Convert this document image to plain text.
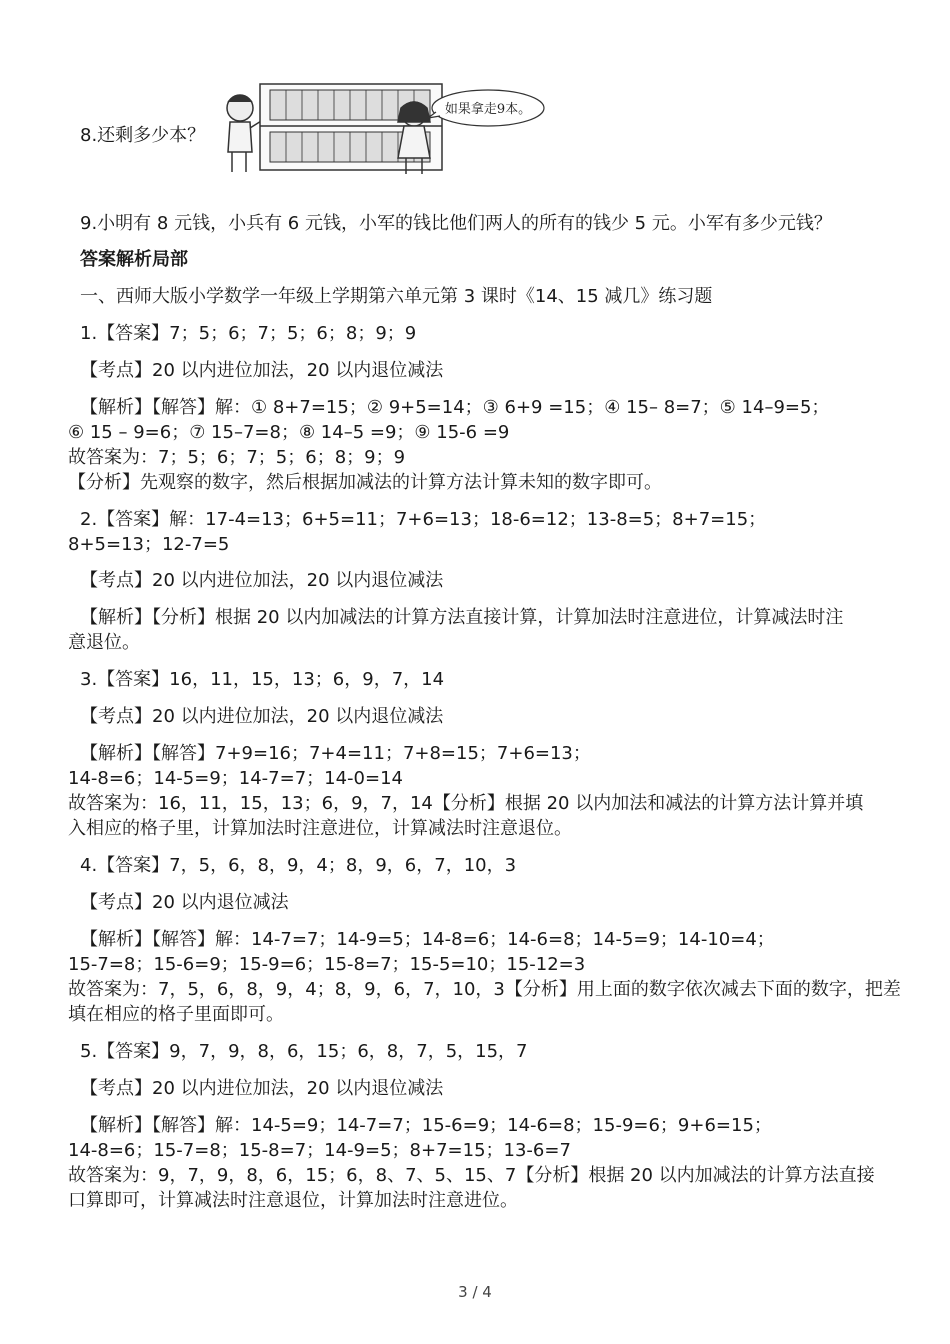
8.还剩多少本？
如果拿走9本。
9.小明有 8 元钱，小兵有 6 元钱，小军的钱比他们两人的所有的钱少 5 元。小军有多少元钱？
答案解析局部
一、西师大版小学数学一年级上学期第六单元第 3 课时《14、15 减几》练习题
1.【答案】7；5；6；7；5；6；8；9；9
【考点】20 以内进位加法，20 以内退位减法
【解析】【解答】解：① 8+7=15；② 9+5=14；③ 6+9 =15；④ 15– 8=7；⑤ 14–9=5；
⑥ 15 – 9=6；⑦ 15–7=8；⑧ 14–5 =9；⑨ 15-6 =9
故答案为：7；5；6；7；5；6；8；9；9
【分析】先观察的数字，然后根据加减法的计算方法计算未知的数字即可。
2.【答案】解：17-4=13；6+5=11；7+6=13；18-6=12；13-8=5；8+7=15；
8+5=13；12-7=5
【考点】20 以内进位加法，20 以内退位减法
【解析】【分析】根据 20 以内加减法的计算方法直接计算，计算加法时注意进位，计算减法时注
意退位。
3.【答案】16，11，15，13；6，9，7，14
【考点】20 以内进位加法，20 以内退位减法
【解析】【解答】7+9=16；7+4=11；7+8=15；7+6=13；
14-8=6；14-5=9；14-7=7；14-0=14
故答案为：16，11，15，13；6，9，7，14【分析】根据 20 以内加法和减法的计算方法计算并填
入相应的格子里，计算加法时注意进位，计算减法时注意退位。
4.【答案】7，5，6，8，9，4；8，9，6，7，10，3
【考点】20 以内退位减法
【解析】【解答】解：14-7=7；14-9=5；14-8=6；14-6=8；14-5=9；14-10=4；
15-7=8；15-6=9；15-9=6；15-8=7；15-5=10；15-12=3
故答案为：7，5，6，8，9，4；8，9，6，7，10，3【分析】用上面的数字依次减去下面的数字，把差
填在相应的格子里面即可。
5.【答案】9，7，9，8，6，15；6，8，7，5，15，7
【考点】20 以内进位加法，20 以内退位减法
【解析】【解答】解：14-5=9；14-7=7；15-6=9；14-6=8；15-9=6；9+6=15；
14-8=6；15-7=8；15-8=7；14-9=5；8+7=15；13-6=7
故答案为：9，7，9，8，6，15；6，8、7、5、15、7【分析】根据 20 以内加减法的计算方法直接
口算即可，计算减法时注意退位，计算加法时注意进位。
3 / 4
